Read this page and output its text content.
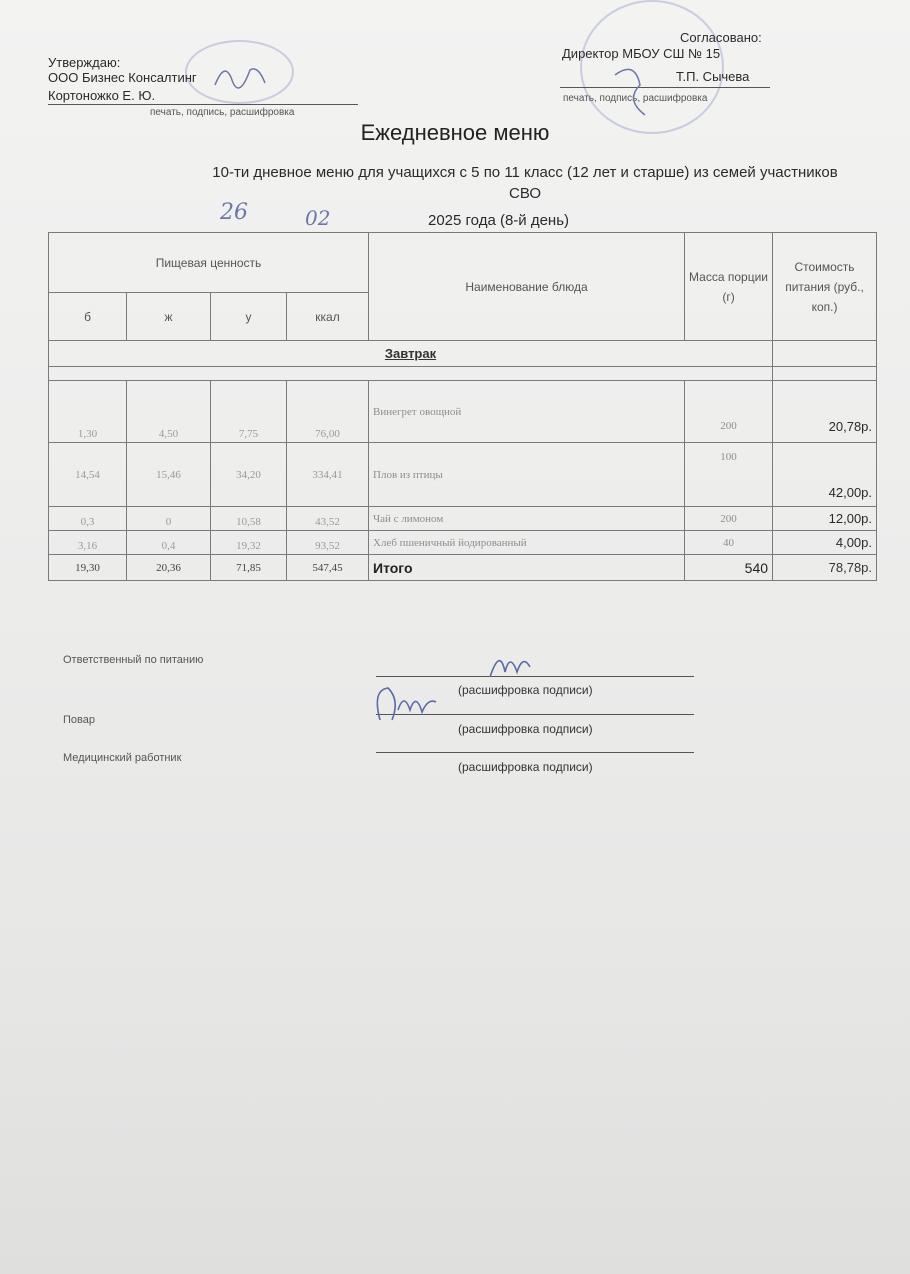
Утверждаю:
ООО Бизнес Консалтинг
Кортоножко Е. Ю.
печать, подпись, расшифровка
Согласовано:
Директор МБОУ СШ № 15
Т.П. Сычева
печать, подпись, расшифровка
Ежедневное меню
10-ти дневное меню для учащихся с 5 по 11 класс (12 лет и старше) из семей участников СВО
26	02	2025 года (8-й день)
Пищевая ценность				Наименование блюда	Масса порции (г)	Стоимость питания (руб., коп.)
б	ж	у	ккал			
Завтрак						

1,30	4,50	7,75	76,00	Винегрет овощной	200	20,78р.
14,54	15,46	34,20	334,41	Плов из птицы	100	42,00р.
0,3	0	10,58	43,52	Чай с лимоном	200	12,00р.
3,16	0,4	19,32	93,52	Хлеб пшеничный йодированный	40	4,00р.
19,30	20,36	71,85	547,45	Итого	540	78,78р.
Ответственный по питанию
(расшифровка подписи)
Повар
(расшифровка подписи)
Медицинский работник
(расшифровка подписи)
